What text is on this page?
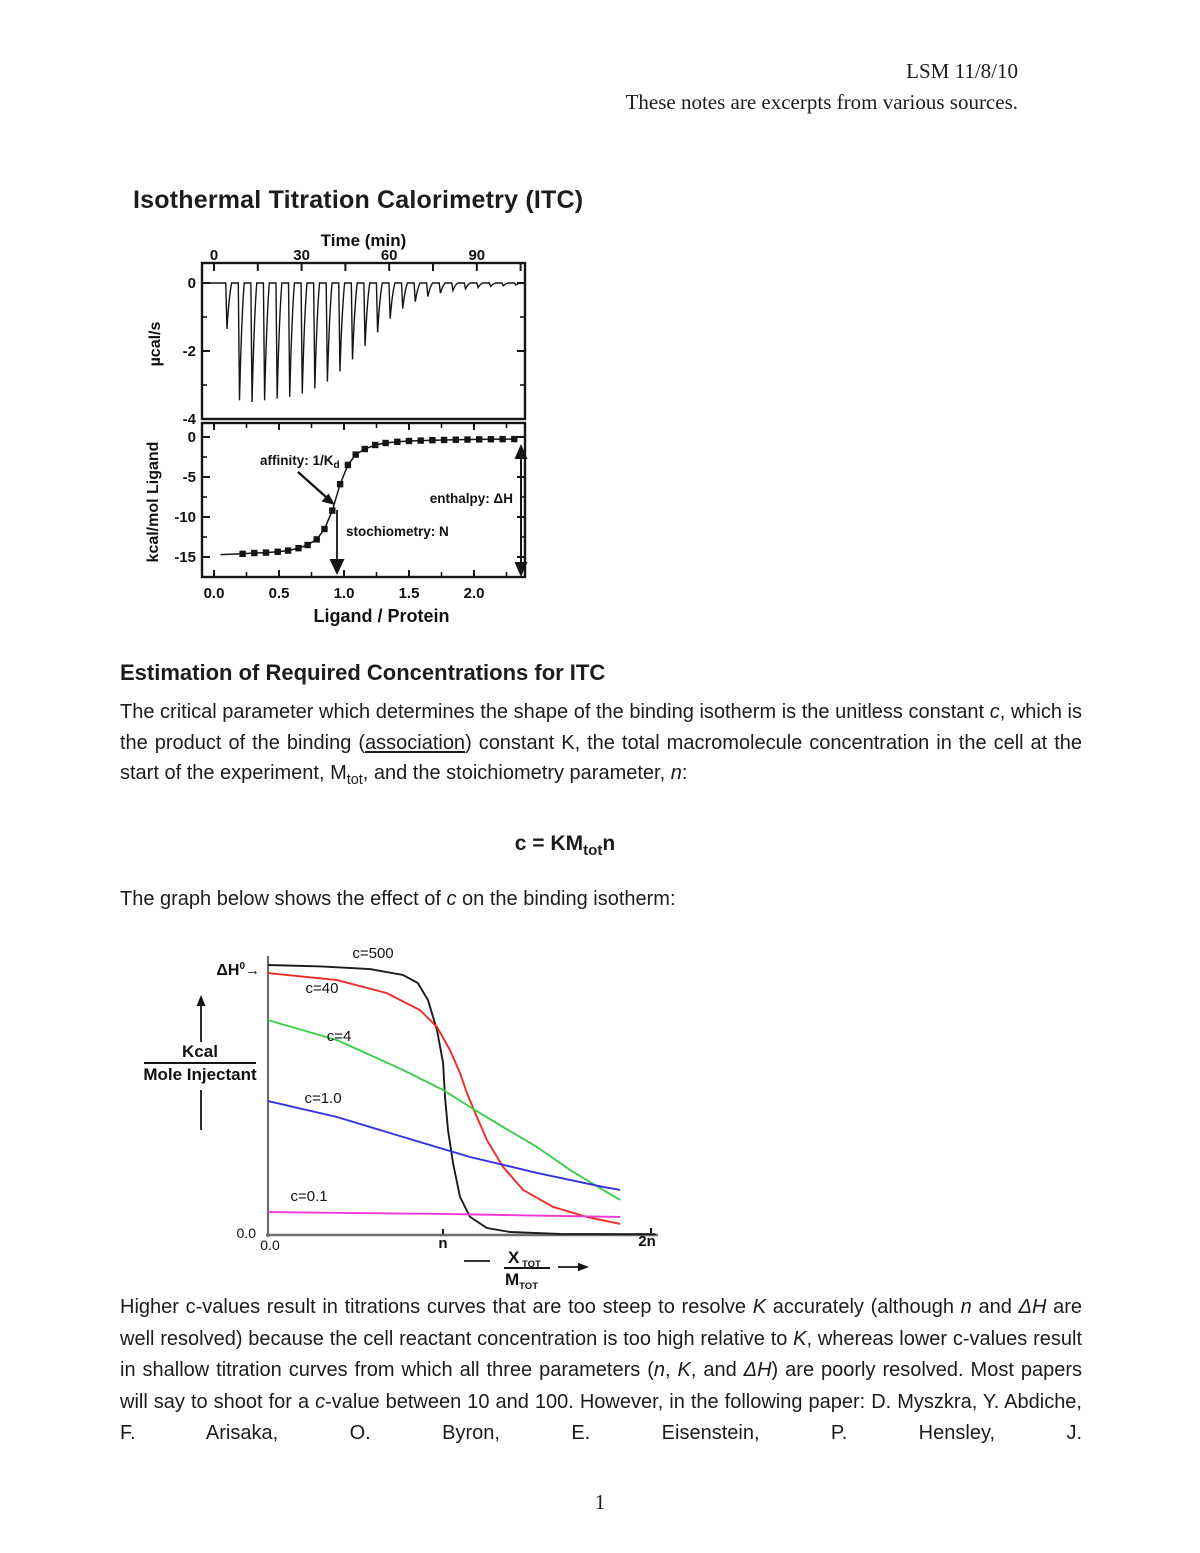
LSM 11/8/10
These notes are excerpts from various sources.
Isothermal Titration Calorimetry (ITC)
Time (min)
0	30	60	90
µcal/s
0
-2
-4
kcal/mol Ligand
0
-5
-10
-15
0.0	0.5	1.0	1.5	2.0
Ligand / Protein
affinity: $1/K_d$
stochiometry: N
enthalpy: ΔH
Estimation of Required Concentrations for ITC
The critical parameter which determines the shape of the binding isotherm is the unitless constant c, which is the product of the binding (association) constant K, the total macromolecule concentration in the cell at the start of the experiment, $M_{tot}$, and the stoichiometry parameter, n:
$c = KM_{tot}n$
The graph below shows the effect of c on the binding isotherm:
c=500
c=40
c=4
c=1.0
c=0.1
$\Delta H^0\to$
Kcal
Mole Injectant
0.0
0.0	n	2n
X $_{TOT}$
$M_{TOT}$
Higher c-values result in titrations curves that are too steep to resolve K accurately (although n and ΔH are well resolved) because the cell reactant concentration is too high relative to K, whereas lower c-values result in shallow titration curves from which all three parameters (n, K, and ΔH) are poorly resolved. Most papers will say to shoot for a c-value between 10 and 100. However, in the following paper: D. Myszkra, Y. Abdiche, F. Arisaka, O. Byron, E. Eisenstein, P. Hensley, J.
1
